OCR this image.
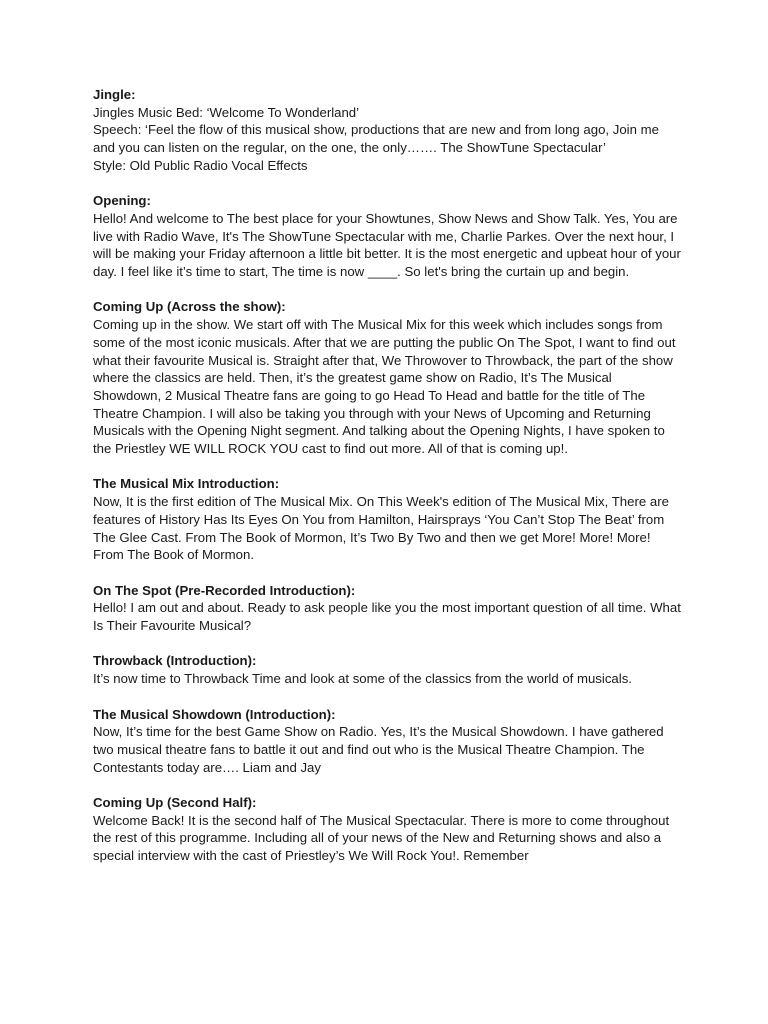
Jingle:

Jingles Music Bed: ‘Welcome To Wonderland’

Speech: ‘Feel the flow of this musical show, productions that are new and from long ago, Join me and you can listen on the regular, on the one, the only……. The ShowTune Spectacular’

Style: Old Public Radio Vocal Effects

Opening:

Hello! And welcome to The best place for your Showtunes, Show News and Show Talk. Yes, You are live with Radio Wave, It's The ShowTune Spectacular with me, Charlie Parkes. Over the next hour, I will be making your Friday afternoon a little bit better. It is the most energetic and upbeat hour of your day. I feel like it’s time to start, The time is now ____. So let's bring the curtain up and begin.

Coming Up (Across the show):

Coming up in the show. We start off with The Musical Mix for this week which includes songs from some of the most iconic musicals. After that we are putting the public On The Spot, I want to find out what their favourite Musical is. Straight after that, We Throwover to Throwback, the part of the show where the classics are held. Then, it’s the greatest game show on Radio, It’s The Musical Showdown, 2 Musical Theatre fans are going to go Head To Head and battle for the title of The Theatre Champion. I will also be taking you through with your News of Upcoming and Returning Musicals with the Opening Night segment. And talking about the Opening Nights, I have spoken to the Priestley WE WILL ROCK YOU cast to find out more. All of that is coming up!.

The Musical Mix Introduction:

Now, It is the first edition of The Musical Mix. On This Week's edition of The Musical Mix, There are features of History Has Its Eyes On You from Hamilton, Hairsprays ‘You Can’t Stop The Beat’ from The Glee Cast. From The Book of Mormon, It’s Two By Two and then we get More! More! More! From The Book of Mormon.

On The Spot (Pre-Recorded Introduction):

Hello! I am out and about. Ready to ask people like you the most important question of all time. What Is Their Favourite Musical?

Throwback (Introduction):

It’s now time to Throwback Time and look at some of the classics from the world of musicals.

The Musical Showdown (Introduction):

Now, It’s time for the best Game Show on Radio. Yes, It’s the Musical Showdown. I have gathered two musical theatre fans to battle it out and find out who is the Musical Theatre Champion. The Contestants today are…. Liam and Jay

Coming Up (Second Half):

Welcome Back! It is the second half of The Musical Spectacular. There is more to come throughout the rest of this programme. Including all of your news of the New and Returning shows and also a special interview with the cast of Priestley’s We Will Rock You!. Remember
